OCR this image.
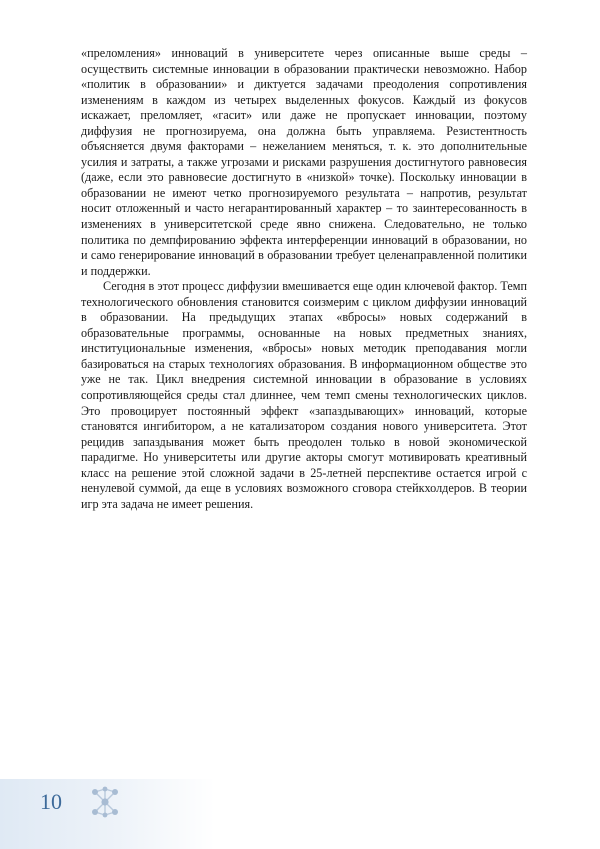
«преломления» инноваций в университете через описанные выше среды – осуществить системные инновации в образовании практически невозможно. Набор «политик в образовании» и диктуется задачами преодоления сопротивления изменениям в каждом из четырех выделенных фокусов. Каждый из фокусов искажает, преломляет, «гасит» или даже не пропускает инновации, поэтому диффузия не прогнозируема, она должна быть управляема. Резистентность объясняется двумя факторами – нежеланием меняться, т. к. это дополнительные усилия и затраты, а также угрозами и рисками разрушения достигнутого равновесия (даже, если это равновесие достигнуто в «низкой» точке). Поскольку инновации в образовании не имеют четко прогнозируемого результата – напротив, результат носит отложенный и часто негарантированный характер – то заинтересованность в изменениях в университетской среде явно снижена. Следовательно, не только политика по демпфированию эффекта интерференции инноваций в образовании, но и само генерирование инноваций в образовании требует целенаправленной политики и поддержки.

Сегодня в этот процесс диффузии вмешивается еще один ключевой фактор. Темп технологического обновления становится соизмерим с циклом диффузии инноваций в образовании. На предыдущих этапах «вбросы» новых содержаний в образовательные программы, основанные на новых предметных знаниях, институциональные изменения, «вбросы» новых методик преподавания могли базироваться на старых технологиях образования. В информационном обществе это уже не так. Цикл внедрения системной инновации в образование в условиях сопротивляющейся среды стал длиннее, чем темп смены технологических циклов. Это провоцирует постоянный эффект «запаздывающих» инноваций, которые становятся ингибитором, а не катализатором создания нового университета. Этот рецидив запаздывания может быть преодолен только в новой экономической парадигме. Но университеты или другие акторы смогут мотивировать креативный класс на решение этой сложной задачи в 25-летней перспективе остается игрой с ненулевой суммой, да еще в условиях возможного сговора стейкхолдеров. В теории игр эта задача не имеет решения.

10
